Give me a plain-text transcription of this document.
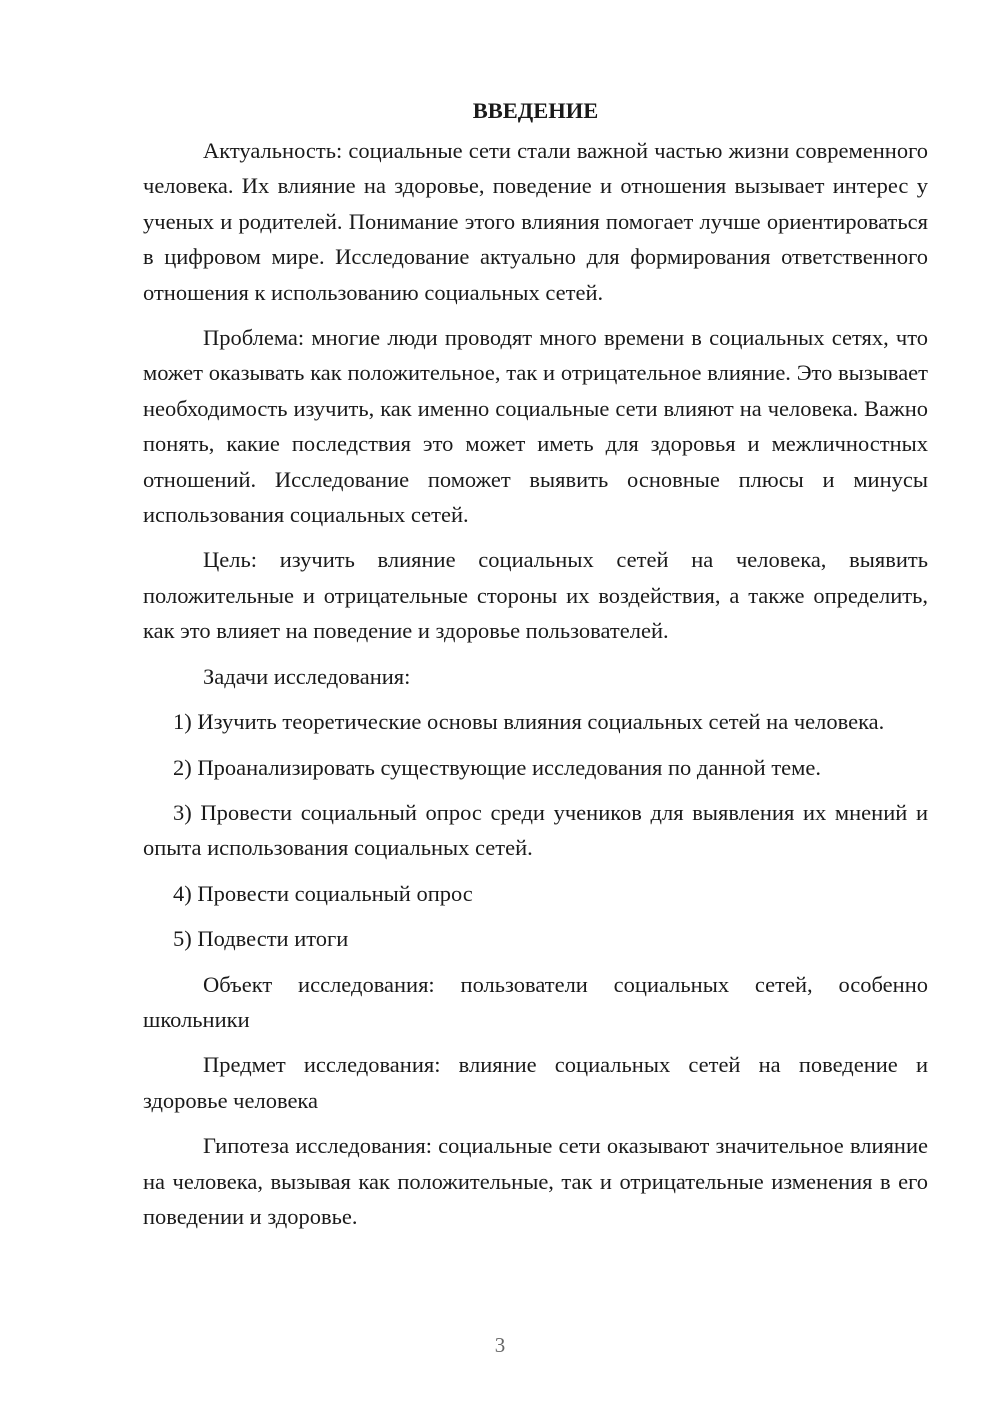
ВВЕДЕНИЕ

Актуальность: социальные сети стали важной частью жизни современного человека. Их влияние на здоровье, поведение и отношения вызывает интерес у ученых и родителей. Понимание этого влияния помогает лучше ориентироваться в цифровом мире. Исследование актуально для формирования ответственного отношения к использованию социальных сетей.

Проблема: многие люди проводят много времени в социальных сетях, что может оказывать как положительное, так и отрицательное влияние. Это вызывает необходимость изучить, как именно социальные сети влияют на человека. Важно понять, какие последствия это может иметь для здоровья и межличностных отношений. Исследование поможет выявить основные плюсы и минусы использования социальных сетей.

Цель: изучить влияние социальных сетей на человека, выявить положительные и отрицательные стороны их воздействия, а также определить, как это влияет на поведение и здоровье пользователей.

Задачи исследования:

1) Изучить теоретические основы влияния социальных сетей на человека.

2) Проанализировать существующие исследования по данной теме.

3) Провести социальный опрос среди учеников для выявления их мнений и опыта использования социальных сетей.

4) Провести социальный опрос

5) Подвести итоги

Объект исследования: пользователи социальных сетей, особенно школьники

Предмет исследования: влияние социальных сетей на поведение и здоровье человека

Гипотеза исследования: социальные сети оказывают значительное влияние на человека, вызывая как положительные, так и отрицательные изменения в его поведении и здоровье.

3
